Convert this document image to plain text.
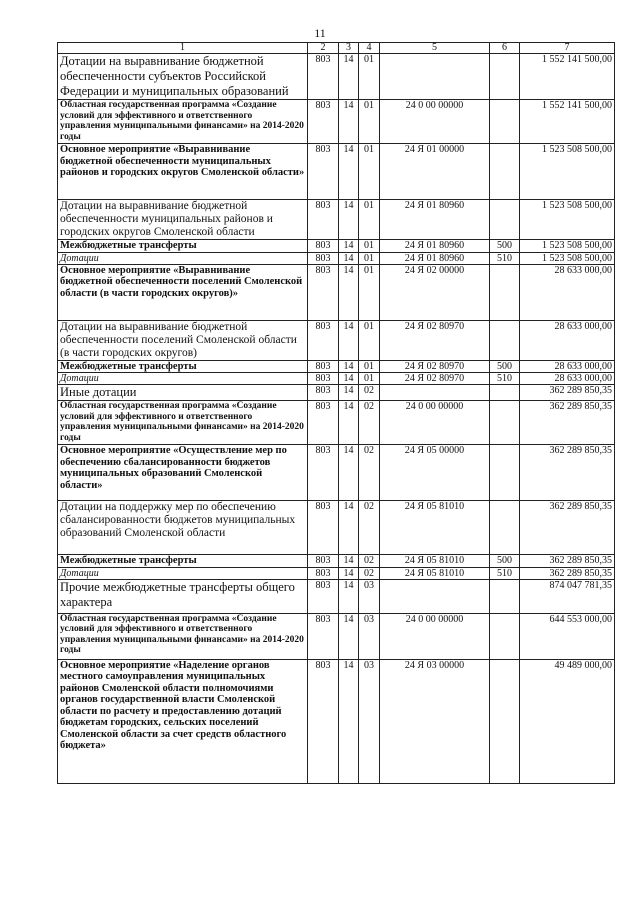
11
1	2	3	4	5	6	7
Дотации на выравнивание бюджетной обеспеченности субъектов Российской Федерации и муниципальных образований	803	14	01			1 552 141 500,00
Областная государственная программа «Создание условий для эффективного и ответственного управления муниципальными финансами» на 2014-2020 годы	803	14	01	24 0 00 00000		1 552 141 500,00
Основное мероприятие «Выравнивание бюджетной обеспеченности муниципальных районов и городских округов Смоленской области»	803	14	01	24 Я 01 00000		1 523 508 500,00
Дотации на выравнивание бюджетной обеспеченности муниципальных районов и городских округов Смоленской области	803	14	01	24 Я 01 80960		1 523 508 500,00
Межбюджетные трансферты	803	14	01	24 Я 01 80960	500	1 523 508 500,00
Дотации	803	14	01	24 Я 01 80960	510	1 523 508 500,00
Основное мероприятие «Выравнивание бюджетной обеспеченности поселений Смоленской области (в части городских округов)»	803	14	01	24 Я 02 00000		28 633 000,00
Дотации на выравнивание бюджетной обеспеченности поселений Смоленской области (в части городских округов)	803	14	01	24 Я 02 80970		28 633 000,00
Межбюджетные трансферты	803	14	01	24 Я 02 80970	500	28 633 000,00
Дотации	803	14	01	24 Я 02 80970	510	28 633 000,00
Иные дотации	803	14	02			362 289 850,35
Областная государственная программа «Создание условий для эффективного и ответственного управления муниципальными финансами» на 2014-2020 годы	803	14	02	24 0 00 00000		362 289 850,35
Основное мероприятие «Осуществление мер по обеспечению сбалансированности бюджетов муниципальных образований Смоленской области»	803	14	02	24 Я 05 00000		362 289 850,35
Дотации на поддержку мер по обеспечению сбалансированности бюджетов муниципальных образований Смоленской области	803	14	02	24 Я 05 81010		362 289 850,35
Межбюджетные трансферты	803	14	02	24 Я 05 81010	500	362 289 850,35
Дотации	803	14	02	24 Я 05 81010	510	362 289 850,35
Прочие межбюджетные трансферты общего характера	803	14	03			874 047 781,35
Областная государственная программа «Создание условий для эффективного и ответственного управления муниципальными финансами» на 2014-2020 годы	803	14	03	24 0 00 00000		644 553 000,00
Основное мероприятие «Наделение органов местного самоуправления муниципальных районов Смоленской области полномочиями органов государственной власти Смоленской области по расчету и предоставлению дотаций бюджетам городских, сельских поселений Смоленской области за счет средств областного бюджета»	803	14	03	24 Я 03 00000		49 489 000,00
